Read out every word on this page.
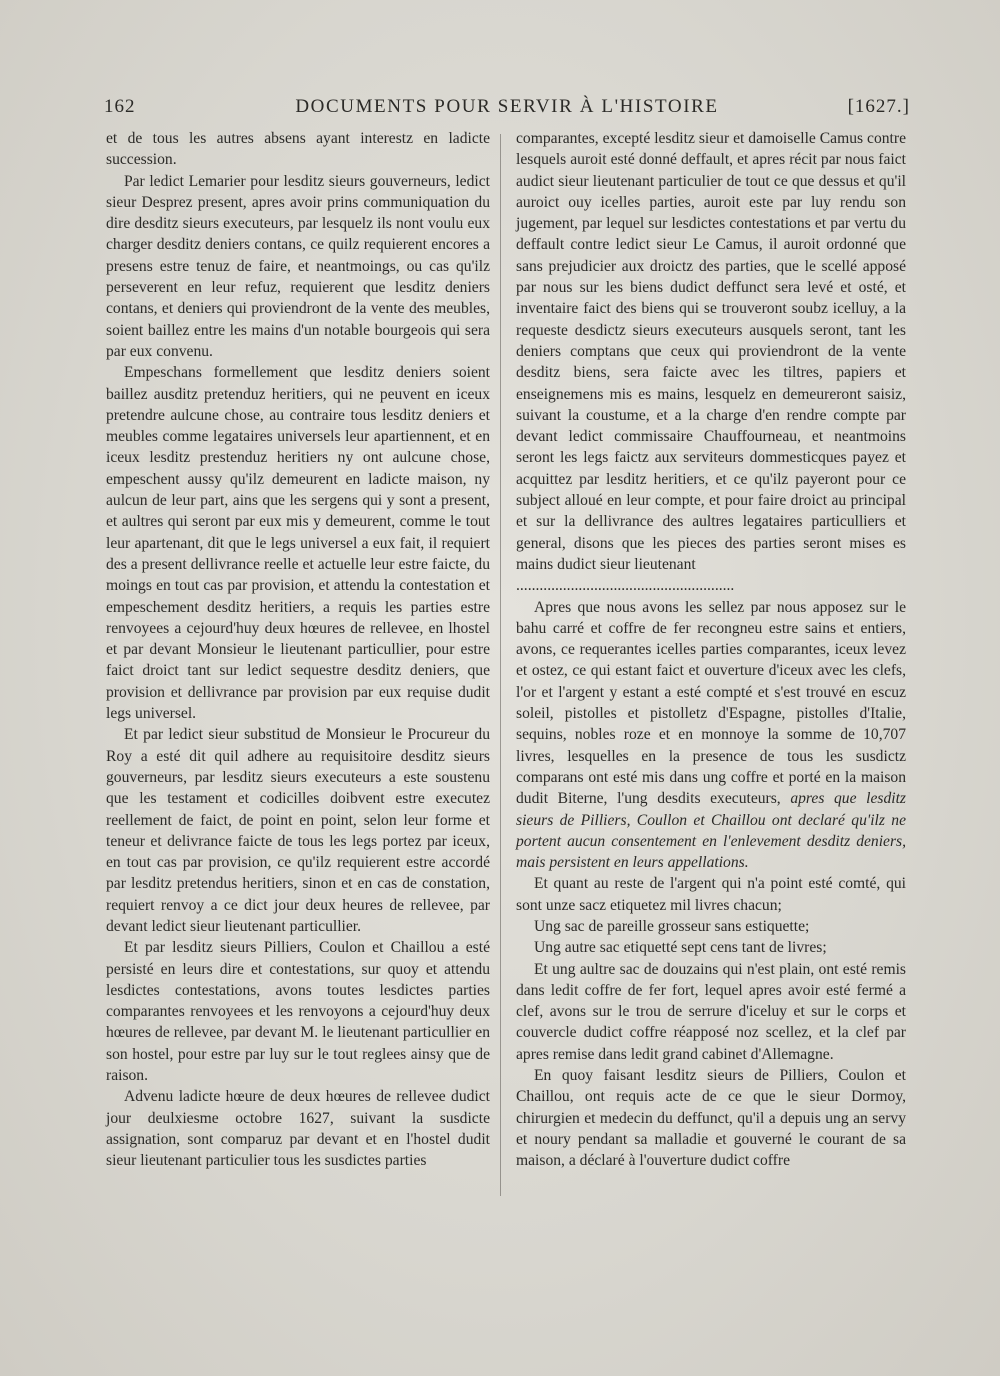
162	DOCUMENTS POUR SERVIR À L'HISTOIRE	[1627.]

et de tous les autres absens ayant interestz en ladicte succession.

Par ledict Lemarier pour lesditz sieurs gouverneurs, ledict sieur Desprez present, apres avoir prins communiquation du dire desditz sieurs executeurs, par lesquelz ils nont voulu eux charger desditz deniers contans, ce quilz requierent encores a presens estre tenuz de faire, et neantmoings, ou cas qu'ilz perseverent en leur refuz, requierent que lesditz deniers contans, et deniers qui proviendront de la vente des meubles, soient baillez entre les mains d'un notable bourgeois qui sera par eux convenu.

Empeschans formellement que lesditz deniers soient baillez ausditz pretenduz heritiers, qui ne peuvent en iceux pretendre aulcune chose, au contraire tous lesditz deniers et meubles comme legataires universels leur apartiennent, et en iceux lesditz prestenduz heritiers ny ont aulcune chose, empeschent aussy qu'ilz demeurent en ladicte maison, ny aulcun de leur part, ains que les sergens qui y sont a present, et aultres qui seront par eux mis y demeurent, comme le tout leur apartenant, dit que le legs universel a eux fait, il requiert des a present dellivrance reelle et actuelle leur estre faicte, du moings en tout cas par provision, et attendu la contestation et empeschement desditz heritiers, a requis les parties estre renvoyees a cejourd'huy deux hœures de rellevee, en lhostel et par devant Monsieur le lieutenant particullier, pour estre faict droict tant sur ledict sequestre desditz deniers, que provision et dellivrance par provision par eux requise dudit legs universel.

Et par ledict sieur substitud de Monsieur le Procureur du Roy a esté dit quil adhere au requisitoire desditz sieurs gouverneurs, par lesditz sieurs executeurs a este soustenu que les testament et codicilles doibvent estre executez reellement de faict, de point en point, selon leur forme et teneur et delivrance faicte de tous les legs portez par iceux, en tout cas par provision, ce qu'ilz requierent estre accordé par lesditz pretendus heritiers, sinon et en cas de constation, requiert renvoy a ce dict jour deux heures de rellevee, par devant ledict sieur lieutenant particullier.

Et par lesditz sieurs Pilliers, Coulon et Chaillou a esté persisté en leurs dire et contestations, sur quoy et attendu lesdictes contestations, avons toutes lesdictes parties comparantes renvoyees et les renvoyons a cejourd'huy deux hœures de rellevee, par devant M. le lieutenant particullier en son hostel, pour estre par luy sur le tout reglees ainsy que de raison.

Advenu ladicte hœure de deux hœures de rellevee dudict jour deulxiesme octobre 1627, suivant la susdicte assignation, sont comparuz par devant et en l'hostel dudit sieur lieutenant particulier tous les susdictes parties

comparantes, excepté lesditz sieur et damoiselle Camus contre lesquels auroit esté donné deffault, et apres récit par nous faict audict sieur lieutenant particulier de tout ce que dessus et qu'il auroict ouy icelles parties, auroit este par luy rendu son jugement, par lequel sur lesdictes contestations et par vertu du deffault contre ledict sieur Le Camus, il auroit ordonné que sans prejudicier aux droictz des parties, que le scellé apposé par nous sur les biens dudict deffunct sera levé et osté, et inventaire faict des biens qui se trouveront soubz icelluy, a la requeste desdictz sieurs executeurs ausquels seront, tant les deniers comptans que ceux qui proviendront de la vente desditz biens, sera faicte avec les tiltres, papiers et enseignemens mis es mains, lesquelz en demeureront saisiz, suivant la coustume, et a la charge d'en rendre compte par devant ledict commissaire Chauffourneau, et neantmoins seront les legs faictz aux serviteurs dommesticques payez et acquittez par lesditz heritiers, et ce qu'ilz payeront pour ce subject alloué en leur compte, et pour faire droict au principal et sur la dellivrance des aultres legataires particulliers et general, disons que les pieces des parties seront mises es mains dudict sieur lieutenant

........................................................

Apres que nous avons les sellez par nous apposez sur le bahu carré et coffre de fer recongneu estre sains et entiers, avons, ce requerantes icelles parties comparantes, iceux levez et ostez, ce qui estant faict et ouverture d'iceux avec les clefs, l'or et l'argent y estant a esté compté et s'est trouvé en escuz soleil, pistolles et pistolletz d'Espagne, pistolles d'Italie, sequins, nobles roze et en monnoye la somme de 10,707 livres, lesquelles en la presence de tous les susdictz comparans ont esté mis dans ung coffre et porté en la maison dudit Biterne, l'ung desdits executeurs, apres que lesditz sieurs de Pilliers, Coullon et Chaillou ont declaré qu'ilz ne portent aucun consentement en l'enlevement desditz deniers, mais persistent en leurs appellations.

Et quant au reste de l'argent qui n'a point esté comté, qui sont unze sacz etiquetez mil livres chacun;

Ung sac de pareille grosseur sans estiquette;

Ung autre sac etiquetté sept cens tant de livres;

Et ung aultre sac de douzains qui n'est plain, ont esté remis dans ledit coffre de fer fort, lequel apres avoir esté fermé a clef, avons sur le trou de serrure d'iceluy et sur le corps et couvercle dudict coffre réapposé noz scellez, et la clef par apres remise dans ledit grand cabinet d'Allemagne.

En quoy faisant lesditz sieurs de Pilliers, Coulon et Chaillou, ont requis acte de ce que le sieur Dormoy, chirurgien et medecin du deffunct, qu'il a depuis ung an servy et noury pendant sa malladie et gouverné le courant de sa maison, a déclaré à l'ouverture dudict coffre
